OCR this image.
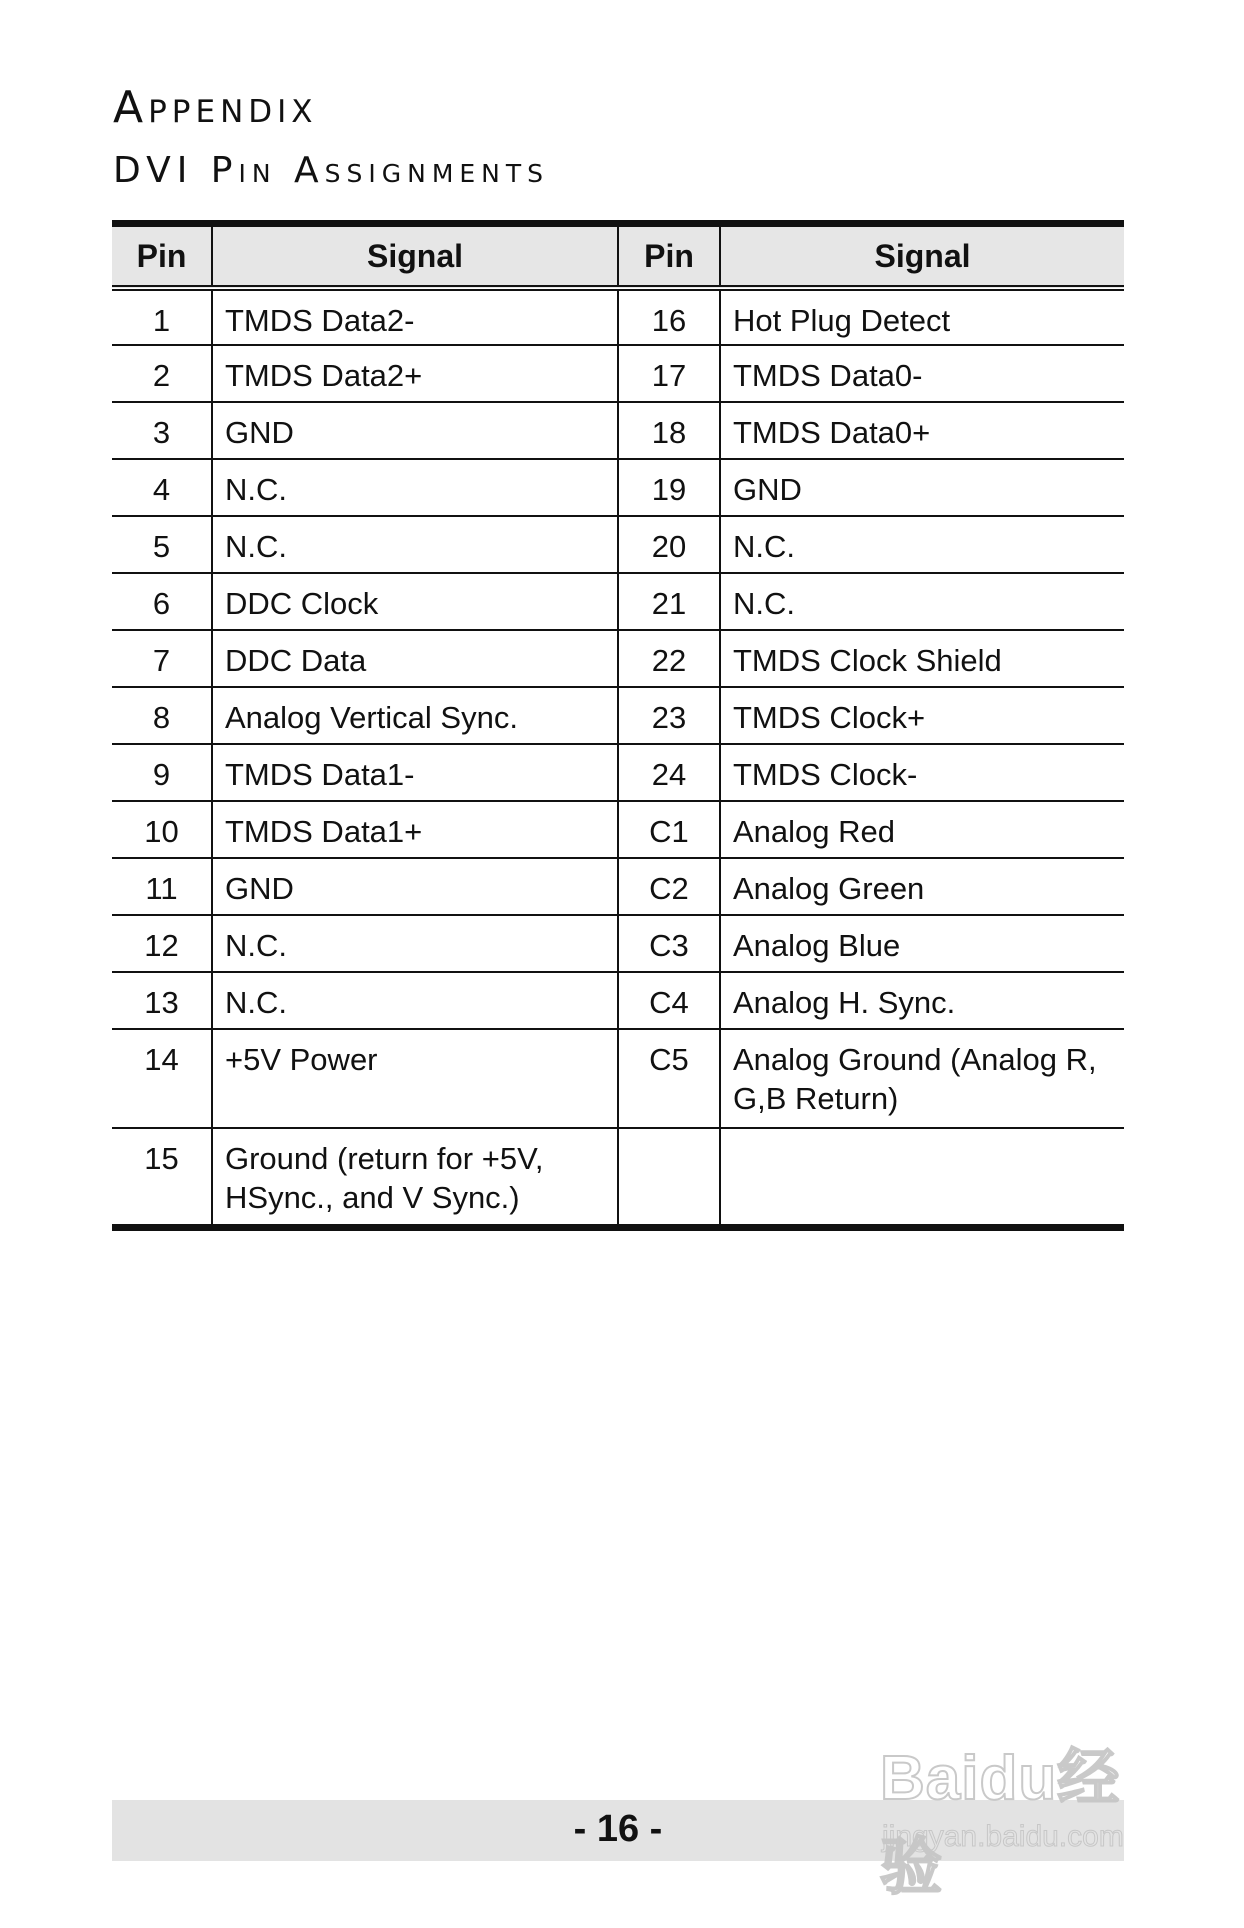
Appendix
DVI Pin Assignments
Pin	Signal	Pin	Signal
1	TMDS Data2-	16	Hot Plug Detect
2	TMDS Data2+	17	TMDS Data0-
3	GND	18	TMDS Data0+
4	N.C.	19	GND
5	N.C.	20	N.C.
6	DDC Clock	21	N.C.
7	DDC Data	22	TMDS Clock Shield
8	Analog Vertical Sync.	23	TMDS Clock+
9	TMDS Data1-	24	TMDS Clock-
10	TMDS Data1+	C1	Analog Red
11	GND	C2	Analog Green
12	N.C.	C3	Analog Blue
13	N.C.	C4	Analog H. Sync.
14	+5V Power	C5	Analog Ground (Analog R, G,B Return)
15	Ground (return for +5V, HSync., and V Sync.)		
- 16 -
Baidu经验
jingyan.baidu.com
